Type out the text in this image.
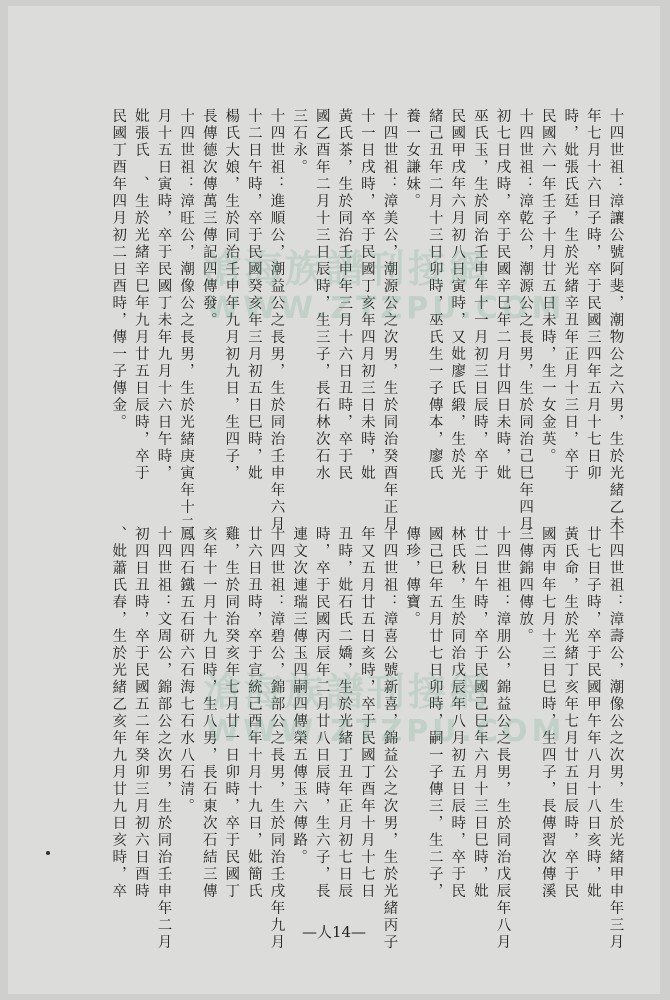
十四世祖：漳讓公號阿斐，潮物公之六男，生於光緒乙未
年七月十六日子時，卒于民國三四年五月十七日卯
時，妣張氏廷，生於光緒辛丑年正月十三日，卒于
民國六一年壬子十月廿五日未時，生一女金英。
十四世祖：漳乾公，潮源公之長男，生於同治己巳年四月
初七日戌時，卒于民國辛巳年二月廿四日未時，妣
巫氏玉，生於同治壬申年十一月初三日辰時，卒于
民國甲戌年六月初八日寅時，又妣廖氏緞，生於光
緒己丑年二月十三日卯時，巫氏生一子傳本，廖氏
養一女謙妹。
十四世祖：漳美公，潮源公之次男，生於同治癸酉年正月
十一日戌時，卒于民國丁亥年四月初三日未時，妣
黃氏茶，生於同治壬申年三月十六日丑時，卒于民
國乙酉年二月十三日辰時，生三子，長石林次石水
三石永。
十四世祖：進順公，潮益公之長男，生於同治壬申年六月
十二日午時，卒于民國癸亥年三月初五日巳時，妣
楊氏大娘，生於同治壬申年九月初九日，生四子，
長傳德次傳萬三傳記四傳發。
十四世祖：漳旺公，潮像公之長男，生於光緒庚寅年十二
月十五日寅時，卒于民國丁未年九月十六日午時，
妣張氏　、生於光緒辛巳年九月廿五日辰時，卒于
民國丁酉年四月初二日酉時，傳一子傳金。
十四世祖：漳壽公，潮像公之次男，生於光緒甲申年三月
廿七日子時，卒于民國甲午年八月十八日亥時，妣
黃氏命，生於光緒丁亥年七月廿五日辰時，卒于民
國丙申年七月十三日巳時，生四子，長傳習次傳溪
三傳錦四傳放。
十四世祖：漳朋公，錦益公之長男，生於同治戊辰年八月
廿二日午時，卒于民國己巳年六月十三日巳時，妣
林氏秋，生於同治戊辰年八月初五日辰時，卒于民
國己巳年五月廿七日卯時，嗣一子傳三，生二子，
傳珍，傳寶。
十四世祖：漳喜公號新喜，錦益公之次男，生於光緒丙子
年又五月廿五日亥時，卒于民國丁酉年十月十七日
丑時，妣石氏二嬌，生於光緒丁丑年正月初七日辰
時，卒于民國丙辰年二月廿八日辰時，生六子，長
連文次連瑞三傳玉四嗣四傳榮五傳玉六傳路。
十四世祖：漳碧公，錦部公之長男，生於同治壬戌年九月
廿六日丑時，卒于宣統己酉年十月十九日，妣簡氏
雞，生於同治癸亥年七月廿一日卯時，卒于民國丁
亥年十一月十九日時，生八男，長石東次石結三傳
鳳四石鐵五石研六石海七石水八石清。
十四世祖：文周公，錦部公之次男，生於同治壬申年二月
初四日丑時，卒于民國五二年癸卯三月初六日酉時
、妣蕭氏春，生於光緒乙亥年九月廿九日亥時，卒
滄海族譜刊接網
WWW.ZTZPU.COM
滄海族譜刊接網
WWW.ZTZPU.COM
—人14—
